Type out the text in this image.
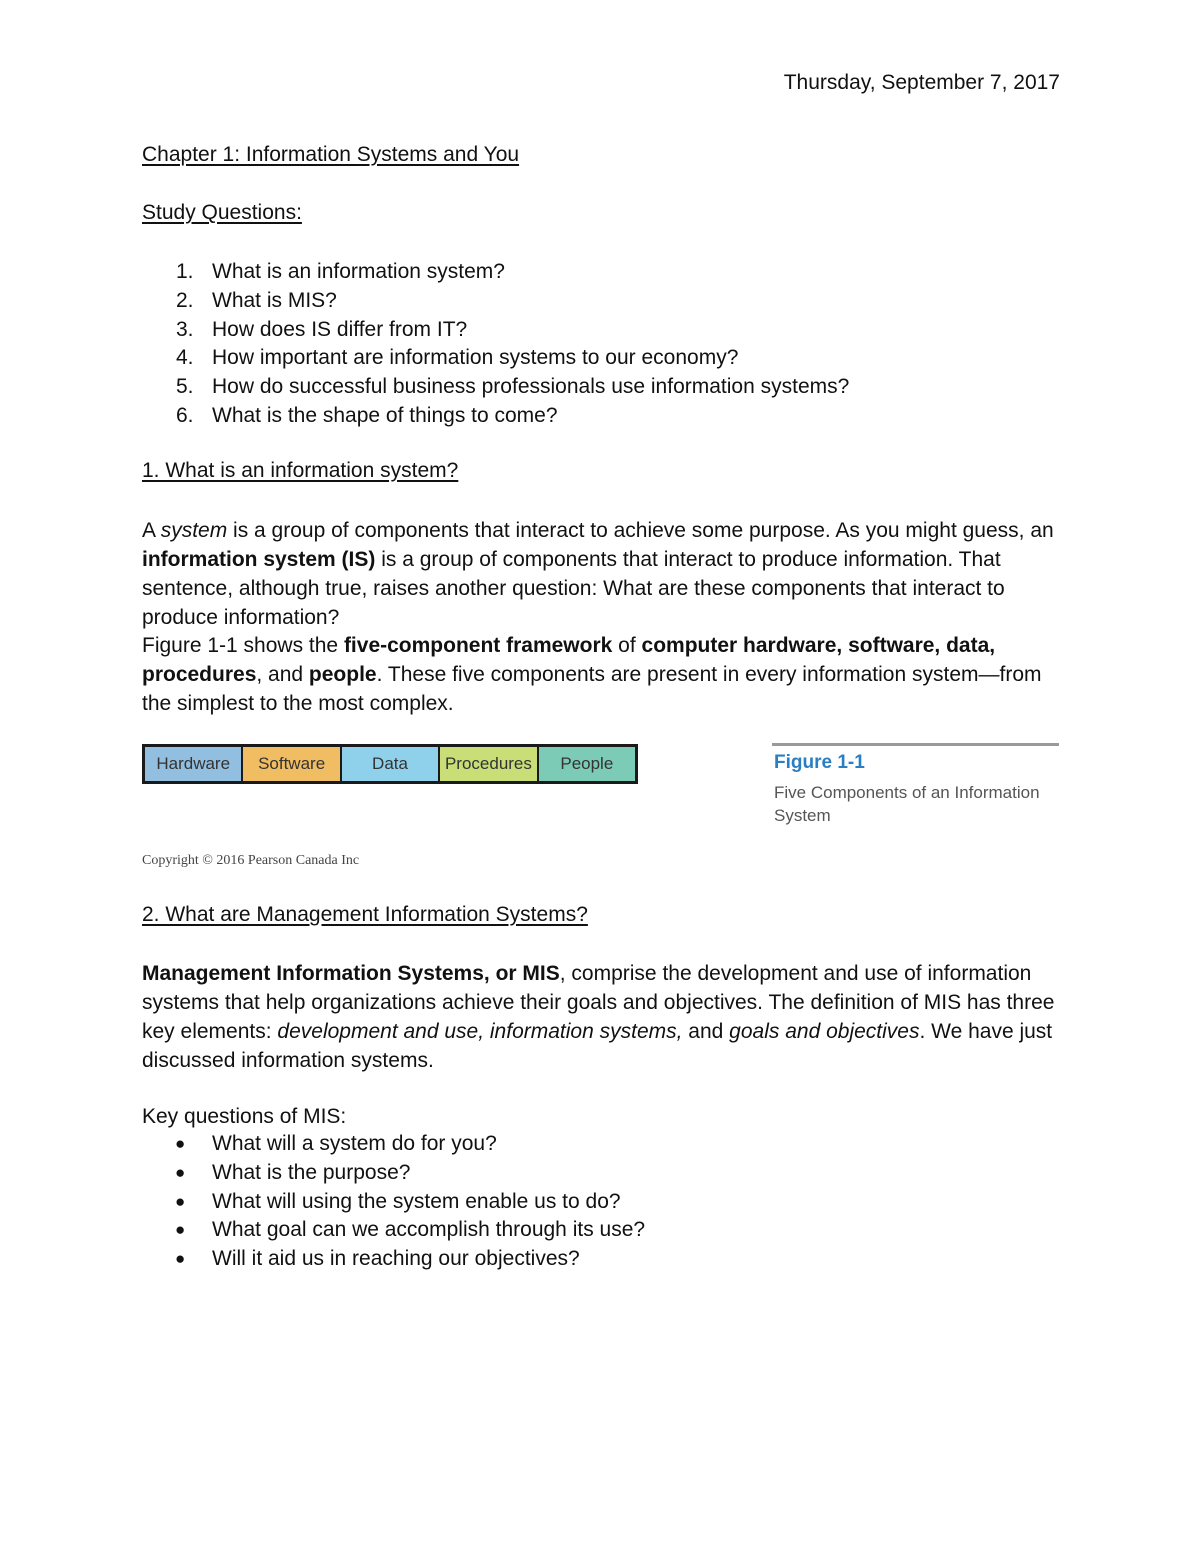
Thursday, September 7, 2017
Chapter 1: Information Systems and You
Study Questions:
1. What is an information system?
2. What is MIS?
3. How does IS differ from IT?
4. How important are information systems to our economy?
5. How do successful business professionals use information systems?
6. What is the shape of things to come?
1. What is an information system?
A system is a group of components that interact to achieve some purpose. As you might guess, an information system (IS) is a group of components that interact to produce information. That sentence, although true, raises another question: What are these components that interact to produce information?
Figure 1-1 shows the five-component framework of computer hardware, software, data, procedures, and people. These five components are present in every information system—from the simplest to the most complex.
Hardware	Software	Data	Procedures	People	Figure 1-1
Five Components of an Information System
Copyright © 2016 Pearson Canada Inc
2. What are Management Information Systems?
Management Information Systems, or MIS, comprise the development and use of information systems that help organizations achieve their goals and objectives. The definition of MIS has three key elements: development and use, information systems, and goals and objectives. We have just discussed information systems.
Key questions of MIS:
●	What will a system do for you?
●	What is the purpose?
●	What will using the system enable us to do?
●	What goal can we accomplish through its use?
●	Will it aid us in reaching our objectives?
